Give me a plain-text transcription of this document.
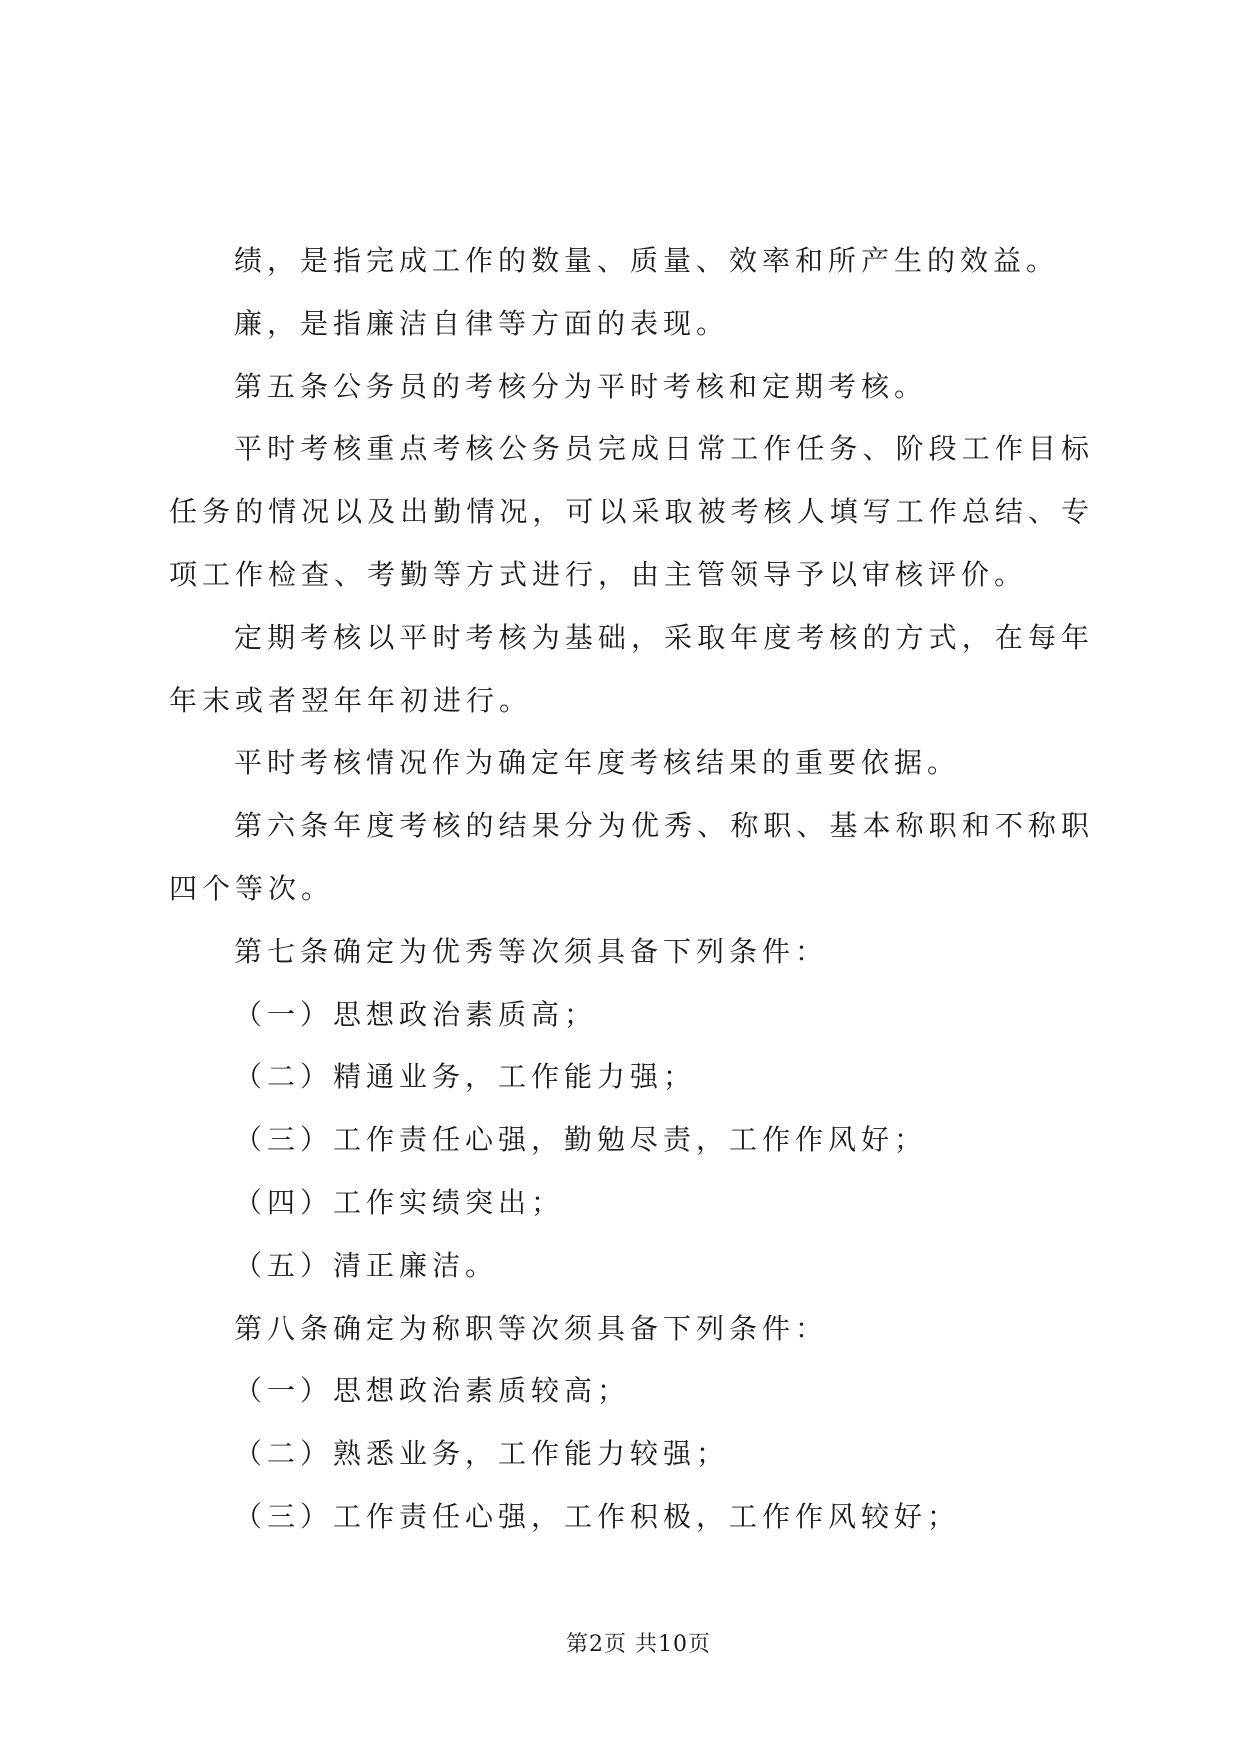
绩，是指完成工作的数量、质量、效率和所产生的效益。
廉，是指廉洁自律等方面的表现。
第五条公务员的考核分为平时考核和定期考核。
平时考核重点考核公务员完成日常工作任务、阶段工作目标
任务的情况以及出勤情况，可以采取被考核人填写工作总结、专
项工作检查、考勤等方式进行，由主管领导予以审核评价。
定期考核以平时考核为基础，采取年度考核的方式，在每年
年末或者翌年年初进行。
平时考核情况作为确定年度考核结果的重要依据。
第六条年度考核的结果分为优秀、称职、基本称职和不称职
四个等次。
第七条确定为优秀等次须具备下列条件：
（一）思想政治素质高；
（二）精通业务，工作能力强；
（三）工作责任心强，勤勉尽责，工作作风好；
（四）工作实绩突出；
（五）清正廉洁。
第八条确定为称职等次须具备下列条件：
（一）思想政治素质较高；
（二）熟悉业务，工作能力较强；
（三）工作责任心强，工作积极，工作作风较好；
第2页 共10页
